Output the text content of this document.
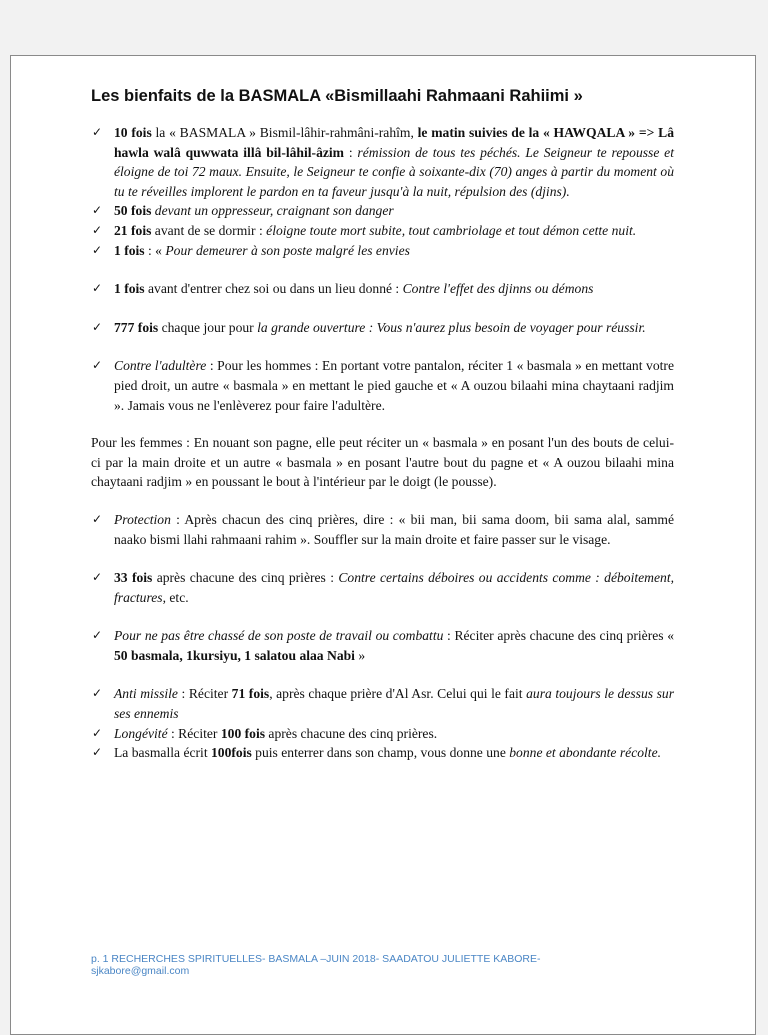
Les bienfaits de la BASMALA «Bismillaahi Rahmaani Rahiimi »
✓ 10 fois la « BASMALA » Bismil-lâhir-rahmâni-rahîm, le matin suivies de la « HAWQALA » => Lâ hawla walâ quwwata illâ bil-lâhil-âzim : rémission de tous tes péchés. Le Seigneur te repousse et éloigne de toi 72 maux. Ensuite, le Seigneur te confie à soixante-dix (70) anges à partir du moment où tu te réveilles implorent le pardon en ta faveur jusqu'à la nuit, répulsion des (djins).
✓ 50 fois devant un oppresseur, craignant son danger
✓ 21 fois avant de se dormir : éloigne toute mort subite, tout cambriolage et tout démon cette nuit.
✓ 1 fois : « Pour demeurer à son poste malgré les envies
✓ 1 fois avant d'entrer chez soi ou dans un lieu donné : Contre l'effet des djinns ou démons
✓ 777 fois chaque jour pour la grande ouverture : Vous n'aurez plus besoin de voyager pour réussir.
✓ Contre l'adultère : Pour les hommes : En portant votre pantalon, réciter 1 « basmala » en mettant votre pied droit, un autre « basmala » en mettant le pied gauche et « A ouzou bilaahi mina chaytaani radjim ». Jamais vous ne l'enlèverez pour faire l'adultère.

Pour les femmes : En nouant son pagne, elle peut réciter un « basmala » en posant l'un des bouts de celui-ci par la main droite et un autre « basmala » en posant l'autre bout du pagne et « A ouzou bilaahi mina chaytaani radjim » en poussant le bout à l'intérieur par le doigt (le pousse).

✓ Protection : Après chacun des cinq prières, dire : « bii man, bii sama doom, bii sama alal, sammé naako bismi llahi rahmaani rahim ». Souffler sur la main droite et faire passer sur le visage.
✓ 33 fois après chacune des cinq prières : Contre certains déboires ou accidents comme : déboitement, fractures, etc.
✓ Pour ne pas être chassé de son poste de travail ou combattu : Réciter après chacune des cinq prières « 50 basmala, 1kursiyu, 1 salatou alaa Nabi »
✓ Anti missile : Réciter 71 fois, après chaque prière d'Al Asr. Celui qui le fait aura toujours le dessus sur ses ennemis
✓ Longévité : Réciter 100 fois après chacune des cinq prières.
✓ La basmalla écrit 100fois puis enterrer dans son champ, vous donne une bonne et abondante récolte.
p. 1 RECHERCHES SPIRITUELLES- BASMALA –JUIN 2018- SAADATOU JULIETTE KABORE-
sjkabore@gmail.com
